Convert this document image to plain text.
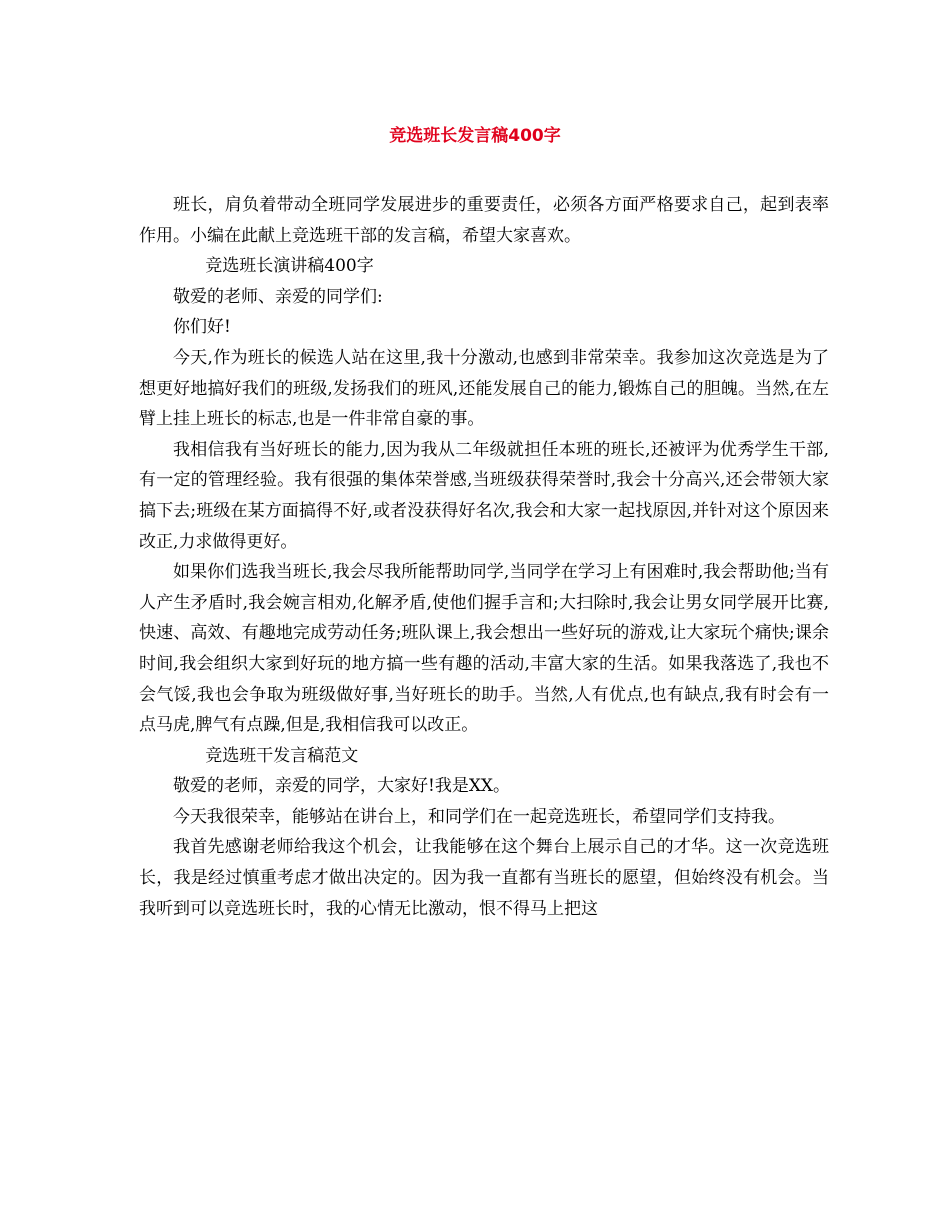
竞选班长发言稿400字

班长，肩负着带动全班同学发展进步的重要责任，必须各方面严格要求自己，起到表率作用。小编在此献上竞选班干部的发言稿，希望大家喜欢。

竞选班长演讲稿400字

敬爱的老师、亲爱的同学们:

你们好!

今天,作为班长的候选人站在这里,我十分激动,也感到非常荣幸。我参加这次竞选是为了想更好地搞好我们的班级,发扬我们的班风,还能发展自己的能力,锻炼自己的胆魄。当然,在左臂上挂上班长的标志,也是一件非常自豪的事。

我相信我有当好班长的能力,因为我从二年级就担任本班的班长,还被评为优秀学生干部,有一定的管理经验。我有很强的集体荣誉感,当班级获得荣誉时,我会十分高兴,还会带领大家搞下去;班级在某方面搞得不好,或者没获得好名次,我会和大家一起找原因,并针对这个原因来改正,力求做得更好。

如果你们选我当班长,我会尽我所能帮助同学,当同学在学习上有困难时,我会帮助他;当有人产生矛盾时,我会婉言相劝,化解矛盾,使他们握手言和;大扫除时,我会让男女同学展开比赛,快速、高效、有趣地完成劳动任务;班队课上,我会想出一些好玩的游戏,让大家玩个痛快;课余时间,我会组织大家到好玩的地方搞一些有趣的活动,丰富大家的生活。如果我落选了,我也不会气馁,我也会争取为班级做好事,当好班长的助手。当然,人有优点,也有缺点,我有时会有一点马虎,脾气有点躁,但是,我相信我可以改正。

竞选班干发言稿范文

敬爱的老师，亲爱的同学，大家好!我是XX。

今天我很荣幸，能够站在讲台上，和同学们在一起竞选班长，希望同学们支持我。

我首先感谢老师给我这个机会，让我能够在这个舞台上展示自己的才华。这一次竞选班长，我是经过慎重考虑才做出决定的。因为我一直都有当班长的愿望，但始终没有机会。当我听到可以竞选班长时，我的心情无比激动，恨不得马上把这
